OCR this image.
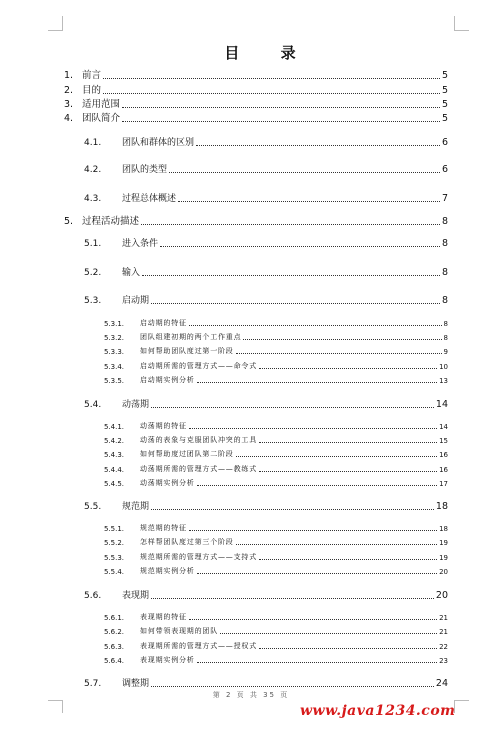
目 录
1. 前言	5
2. 目的	5
3. 适用范围	5
4. 团队简介	5
4.1.	团队和群体的区别	6
4.2.	团队的类型	6
4.3.	过程总体概述	7
5. 过程活动描述	8
5.1.	进入条件	8
5.2.	输入	8
5.3.	启动期	8
5.3.1.	启动期的特征	8
5.3.2.	团队组建初期的两个工作重点	8
5.3.3.	如何帮助团队度过第一阶段	9
5.3.4.	启动期所需的管理方式——命令式	10
5.3.5.	启动期实例分析	13
5.4.	动荡期	14
5.4.1.	动荡期的特征	14
5.4.2.	动荡的表象与克服团队冲突的工具	15
5.4.3.	如何帮助度过团队第二阶段	16
5.4.4.	动荡期所需的管理方式——教练式	16
5.4.5.	动荡期实例分析	17
5.5.	规范期	18
5.5.1.	规范期的特征	18
5.5.2.	怎样帮团队度过第三个阶段	19
5.5.3.	规范期所需的管理方式——支持式	19
5.5.4.	规范期实例分析	20
5.6.	表现期	20
5.6.1.	表现期的特征	21
5.6.2.	如何带领表现期的团队	21
5.6.3.	表现期所需的管理方式——授权式	22
5.6.4.	表现期实例分析	23
5.7.	调整期	24
第 2 页 共 35 页
www.java1234.com
